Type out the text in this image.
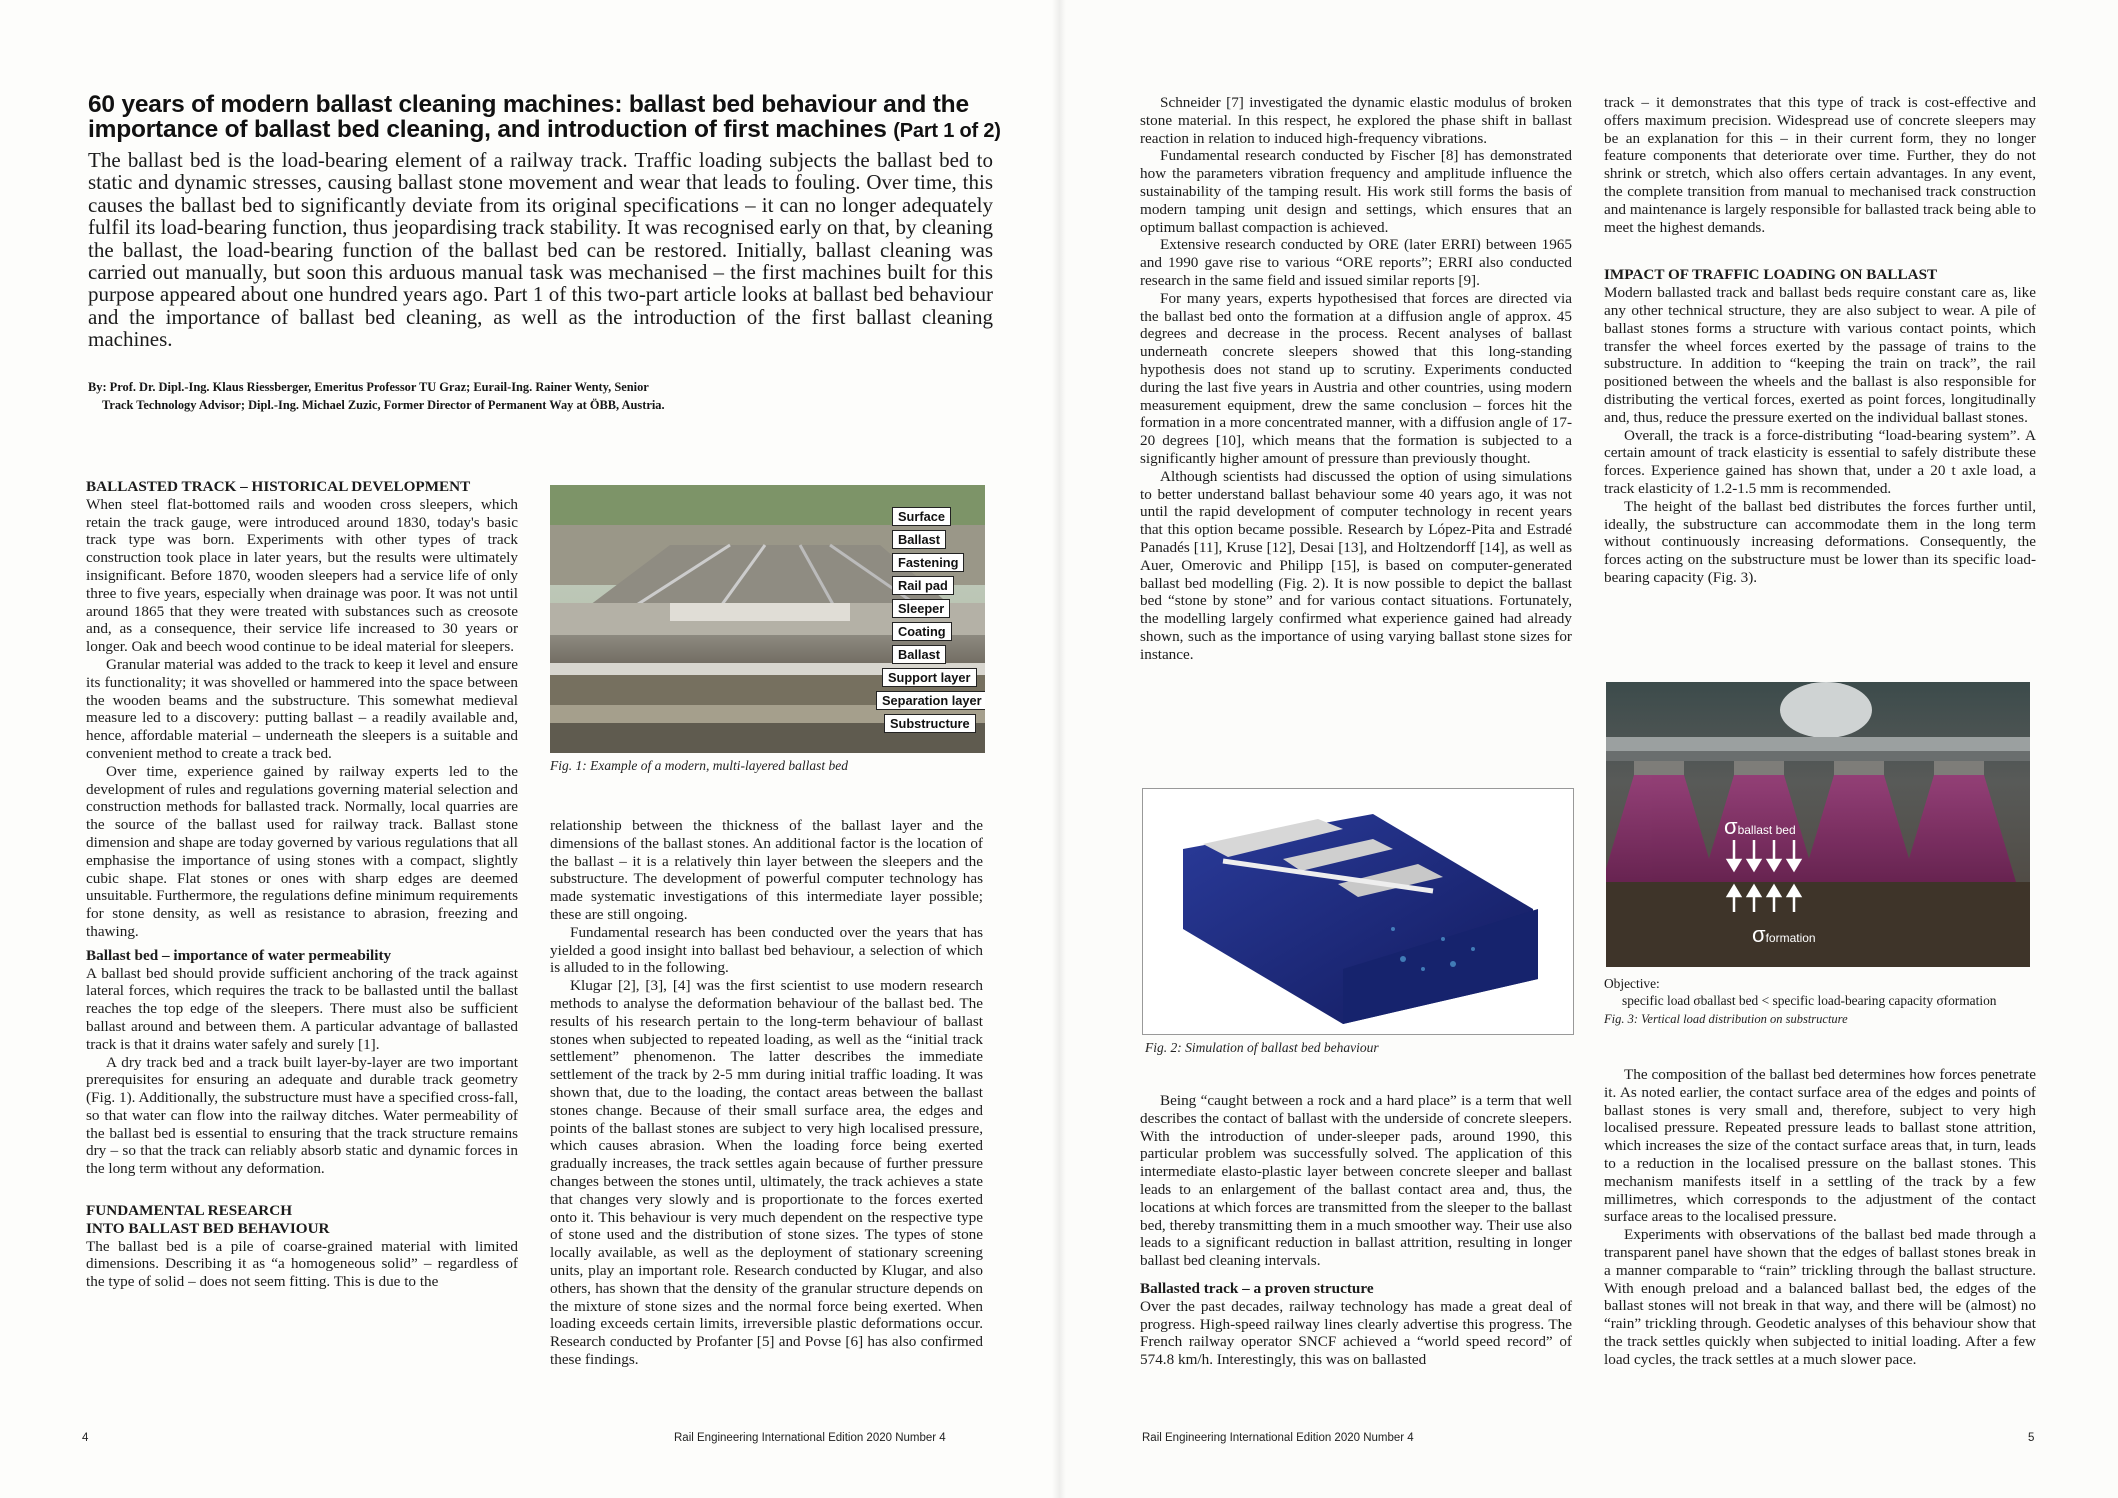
60 years of modern ballast cleaning machines: ballast bed behaviour and the importance of ballast bed cleaning, and introduction of first machines (Part 1 of 2)
The ballast bed is the load-bearing element of a railway track. Traffic loading subjects the ballast bed to static and dynamic stresses, causing ballast stone movement and wear that leads to fouling. Over time, this causes the ballast bed to significantly deviate from its original specifications – it can no longer adequately fulfil its load-bearing function, thus jeopardising track stability. It was recognised early on that, by cleaning the ballast, the load-bearing function of the ballast bed can be restored. Initially, ballast cleaning was carried out manually, but soon this arduous manual task was mechanised – the first machines built for this purpose appeared about one hundred years ago. Part 1 of this two-part article looks at ballast bed behaviour and the importance of ballast bed cleaning, as well as the introduction of the first ballast cleaning machines.
By: Prof. Dr. Dipl.-Ing. Klaus Riessberger, Emeritus Professor TU Graz; Eurail-Ing. Rainer Wenty, Senior
Track Technology Advisor; Dipl.-Ing. Michael Zuzic, Former Director of Permanent Way at ÖBB, Austria.
BALLASTED TRACK – HISTORICAL DEVELOPMENT

When steel flat-bottomed rails and wooden cross sleepers, which retain the track gauge, were introduced around 1830, today's basic track type was born. Experiments with other types of track construction took place in later years, but the results were ultimately insignificant. Before 1870, wooden sleepers had a service life of only three to five years, especially when drainage was poor. It was not until around 1865 that they were treated with substances such as creosote and, as a consequence, their service life increased to 30 years or longer. Oak and beech wood continue to be ideal material for sleepers.

Granular material was added to the track to keep it level and ensure its functionality; it was shovelled or hammered into the space between the wooden beams and the substructure. This somewhat medieval measure led to a discovery: putting ballast – a readily available and, hence, affordable material – underneath the sleepers is a suitable and convenient method to create a track bed.

Over time, experience gained by railway experts led to the development of rules and regulations governing material selection and construction methods for ballasted track. Normally, local quarries are the source of the ballast used for railway track. Ballast stone dimension and shape are today governed by various regulations that all emphasise the importance of using stones with a compact, slightly cubic shape. Flat stones or ones with sharp edges are deemed unsuitable. Furthermore, the regulations define minimum requirements for stone density, as well as resistance to abrasion, freezing and thawing.

Ballast bed – importance of water permeability

A ballast bed should provide sufficient anchoring of the track against lateral forces, which requires the track to be ballasted until the ballast reaches the top edge of the sleepers. There must also be sufficient ballast around and between them. A particular advantage of ballasted track is that it drains water safely and surely [1].

A dry track bed and a track built layer-by-layer are two important prerequisites for ensuring an adequate and durable track geometry (Fig. 1). Additionally, the substructure must have a specified cross-fall, so that water can flow into the railway ditches. Water permeability of the ballast bed is essential to ensuring that the track structure remains dry – so that the track can reliably absorb static and dynamic forces in the long term without any deformation.

FUNDAMENTAL RESEARCH
INTO BALLAST BED BEHAVIOUR

The ballast bed is a pile of coarse-grained material with limited dimensions. Describing it as “a homogeneous solid” – regardless of the type of solid – does not seem fitting. This is due to the

Surface
Ballast
Fastening
Rail pad
Sleeper
Coating
Ballast
Support layer
Separation layer
Substructure
Fig. 1: Example of a modern, multi-layered ballast bed

relationship between the thickness of the ballast layer and the dimensions of the ballast stones. An additional factor is the location of the ballast – it is a relatively thin layer between the sleepers and the substructure. The development of powerful computer technology has made systematic investigations of this intermediate layer possible; these are still ongoing.

Fundamental research has been conducted over the years that has yielded a good insight into ballast bed behaviour, a selection of which is alluded to in the following.

Klugar [2], [3], [4] was the first scientist to use modern research methods to analyse the deformation behaviour of the ballast bed. The results of his research pertain to the long-term behaviour of ballast stones when subjected to repeated loading, as well as the “initial track settlement” phenomenon. The latter describes the immediate settlement of the track by 2-5 mm during initial traffic loading. It was shown that, due to the loading, the contact areas between the ballast stones change. Because of their small surface area, the edges and points of the ballast stones are subject to very high localised pressure, which causes abrasion. When the loading force being exerted gradually increases, the track settles again because of further pressure changes between the stones until, ultimately, the track achieves a state that changes very slowly and is proportionate to the forces exerted onto it. This behaviour is very much dependent on the respective type of stone used and the distribution of stone sizes. The types of stone locally available, as well as the deployment of stationary screening units, play an important role. Research conducted by Klugar, and also others, has shown that the density of the granular structure depends on the mixture of stone sizes and the normal force being exerted. When loading exceeds certain limits, irreversible plastic deformations occur. Research conducted by Profanter [5] and Povse [6] has also confirmed these findings.

4	Rail Engineering International Edition 2020 Number 4

Schneider [7] investigated the dynamic elastic modulus of broken stone material. In this respect, he explored the phase shift in ballast reaction in relation to induced high-frequency vibrations.

Fundamental research conducted by Fischer [8] has demonstrated how the parameters vibration frequency and amplitude influence the sustainability of the tamping result. His work still forms the basis of modern tamping unit design and settings, which ensures that an optimum ballast compaction is achieved.

Extensive research conducted by ORE (later ERRI) between 1965 and 1990 gave rise to various “ORE reports”; ERRI also conducted research in the same field and issued similar reports [9].

For many years, experts hypothesised that forces are directed via the ballast bed onto the formation at a diffusion angle of approx. 45 degrees and decrease in the process. Recent analyses of ballast underneath concrete sleepers showed that this long-standing hypothesis does not stand up to scrutiny. Experiments conducted during the last five years in Austria and other countries, using modern measurement equipment, drew the same conclusion – forces hit the formation in a more concentrated manner, with a diffusion angle of 17-20 degrees [10], which means that the formation is subjected to a significantly higher amount of pressure than previously thought.

Although scientists had discussed the option of using simulations to better understand ballast behaviour some 40 years ago, it was not until the rapid development of computer technology in recent years that this option became possible. Research by López-Pita and Estradé Panadés [11], Kruse [12], Desai [13], and Holtzendorff [14], as well as Auer, Omerovic and Philipp [15], is based on computer-generated ballast bed modelling (Fig. 2). It is now possible to depict the ballast bed “stone by stone” and for various contact situations. Fortunately, the modelling largely confirmed what experience gained had already shown, such as the importance of using varying ballast stone sizes for instance.

Fig. 2: Simulation of ballast bed behaviour

Being “caught between a rock and a hard place” is a term that well describes the contact of ballast with the underside of concrete sleepers. With the introduction of under-sleeper pads, around 1990, this particular problem was successfully solved. The application of this intermediate elasto-plastic layer between concrete sleeper and ballast leads to an enlargement of the ballast contact area and, thus, the locations at which forces are transmitted from the sleeper to the ballast bed, thereby transmitting them in a much smoother way. Their use also leads to a significant reduction in ballast attrition, resulting in longer ballast bed cleaning intervals.

Ballasted track – a proven structure

Over the past decades, railway technology has made a great deal of progress. High-speed railway lines clearly advertise this progress. The French railway operator SNCF achieved a “world speed record” of 574.8 km/h. Interestingly, this was on ballasted

track – it demonstrates that this type of track is cost-effective and offers maximum precision. Widespread use of concrete sleepers may be an explanation for this – in their current form, they no longer feature components that deteriorate over time. Further, they do not shrink or stretch, which also offers certain advantages. In any event, the complete transition from manual to mechanised track construction and maintenance is largely responsible for ballasted track being able to meet the highest demands.

IMPACT OF TRAFFIC LOADING ON BALLAST

Modern ballasted track and ballast beds require constant care as, like any other technical structure, they are also subject to wear. A pile of ballast stones forms a structure with various contact points, which transfer the wheel forces exerted by the passage of trains to the substructure. In addition to “keeping the train on track”, the rail positioned between the wheels and the ballast is also responsible for distributing the vertical forces, exerted as point forces, longitudinally and, thus, reduce the pressure exerted on the individual ballast stones.

Overall, the track is a force-distributing “load-bearing system”. A certain amount of track elasticity is essential to safely distribute these forces. Experience gained has shown that, under a 20 t axle load, a track elasticity of 1.2-1.5 mm is recommended.

The height of the ballast bed distributes the forces further until, ideally, the substructure can accommodate them in the long term without continuously increasing deformations. Consequently, the forces acting on the substructure must be lower than its specific load-bearing capacity (Fig. 3).

σballast bed
σformation
Objective:
specific load σballast bed < specific load-bearing capacity σformation
Fig. 3: Vertical load distribution on substructure

The composition of the ballast bed determines how forces penetrate it. As noted earlier, the contact surface area of the edges and points of ballast stones is very small and, therefore, subject to very high localised pressure. Repeated pressure leads to ballast stone attrition, which increases the size of the contact surface areas that, in turn, leads to a reduction in the localised pressure on the ballast stones. This mechanism manifests itself in a settling of the track by a few millimetres, which corresponds to the adjustment of the contact surface areas to the localised pressure.

Experiments with observations of the ballast bed made through a transparent panel have shown that the edges of ballast stones break in a manner comparable to “rain” trickling through the ballast structure. With enough preload and a balanced ballast bed, the edges of the ballast stones will not break in that way, and there will be (almost) no “rain” trickling through. Geodetic analyses of this behaviour show that the track settles quickly when subjected to initial loading. After a few load cycles, the track settles at a much slower pace.

Rail Engineering International Edition 2020 Number 4	5
